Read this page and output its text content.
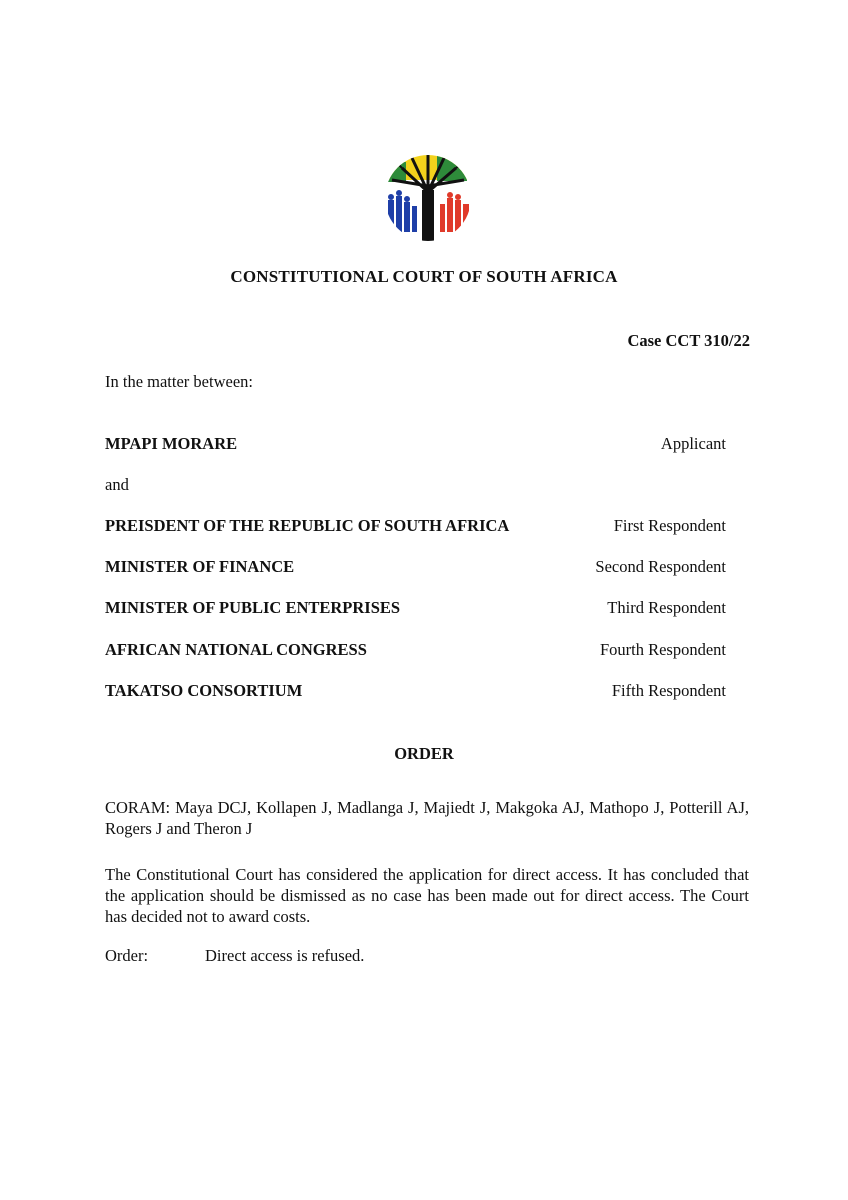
CONSTITUTIONAL COURT OF SOUTH AFRICA
Case CCT 310/22
In the matter between:
MPAPI MORARE	Applicant
and
PREISDENT OF THE REPUBLIC OF SOUTH AFRICA	First Respondent
MINISTER OF FINANCE	Second Respondent
MINISTER OF PUBLIC ENTERPRISES	Third Respondent
AFRICAN NATIONAL CONGRESS	Fourth Respondent
TAKATSO CONSORTIUM	Fifth Respondent
ORDER
CORAM: Maya DCJ, Kollapen J, Madlanga J, Majiedt J, Makgoka AJ, Mathopo J, Potterill AJ, Rogers J and Theron J
The Constitutional Court has considered the application for direct access. It has concluded that the application should be dismissed as no case has been made out for direct access. The Court has decided not to award costs.
Order:	Direct access is refused.
